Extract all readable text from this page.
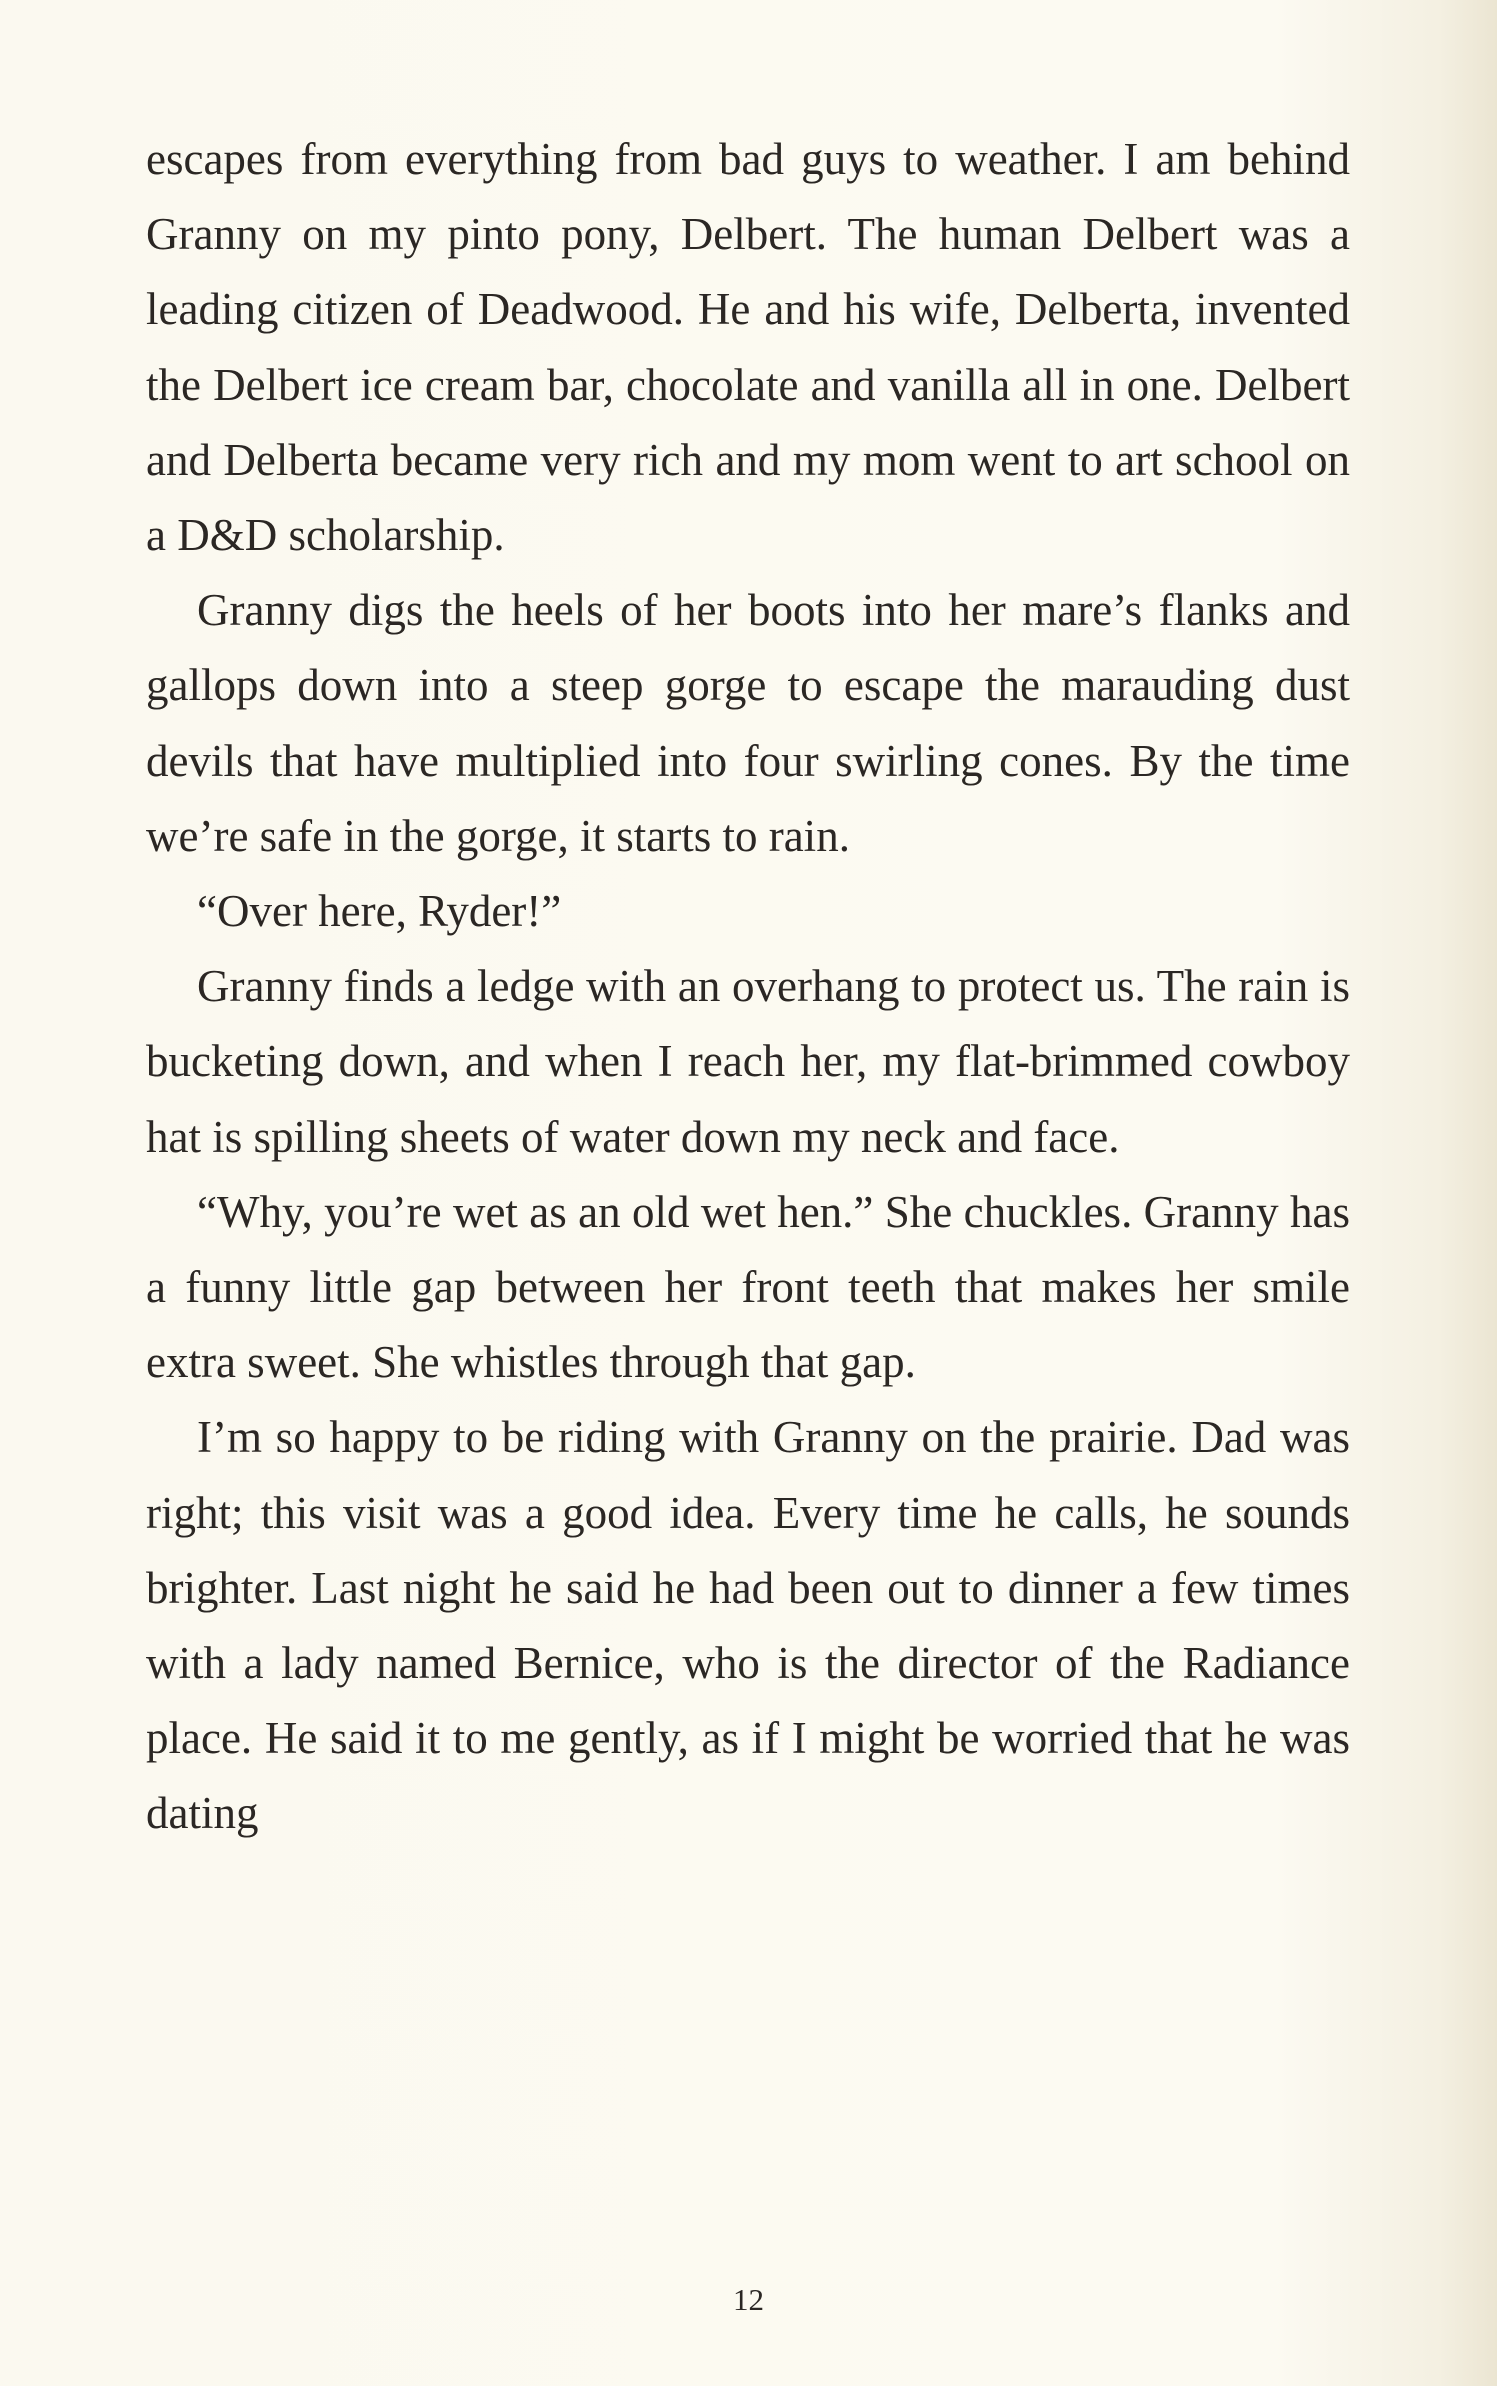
escapes from everything from bad guys to weather. I am behind Granny on my pinto pony, Delbert. The human Delbert was a leading citizen of Deadwood. He and his wife, Delberta, invented the Delbert ice cream bar, chocolate and vanilla all in one. Delbert and Delberta became very rich and my mom went to art school on a D&D scholarship.

Granny digs the heels of her boots into her mare’s flanks and gallops down into a steep gorge to escape the marauding dust devils that have multiplied into four swirling cones. By the time we’re safe in the gorge, it starts to rain.

“Over here, Ryder!”

Granny finds a ledge with an overhang to protect us. The rain is bucketing down, and when I reach her, my flat-brimmed cowboy hat is spilling sheets of water down my neck and face.

“Why, you’re wet as an old wet hen.” She chuckles. Granny has a funny little gap between her front teeth that makes her smile extra sweet. She whistles through that gap.

I’m so happy to be riding with Granny on the prairie. Dad was right; this visit was a good idea. Every time he calls, he sounds brighter. Last night he said he had been out to dinner a few times with a lady named Bernice, who is the director of the Radiance place. He said it to me gently, as if I might be worried that he was dating

12
